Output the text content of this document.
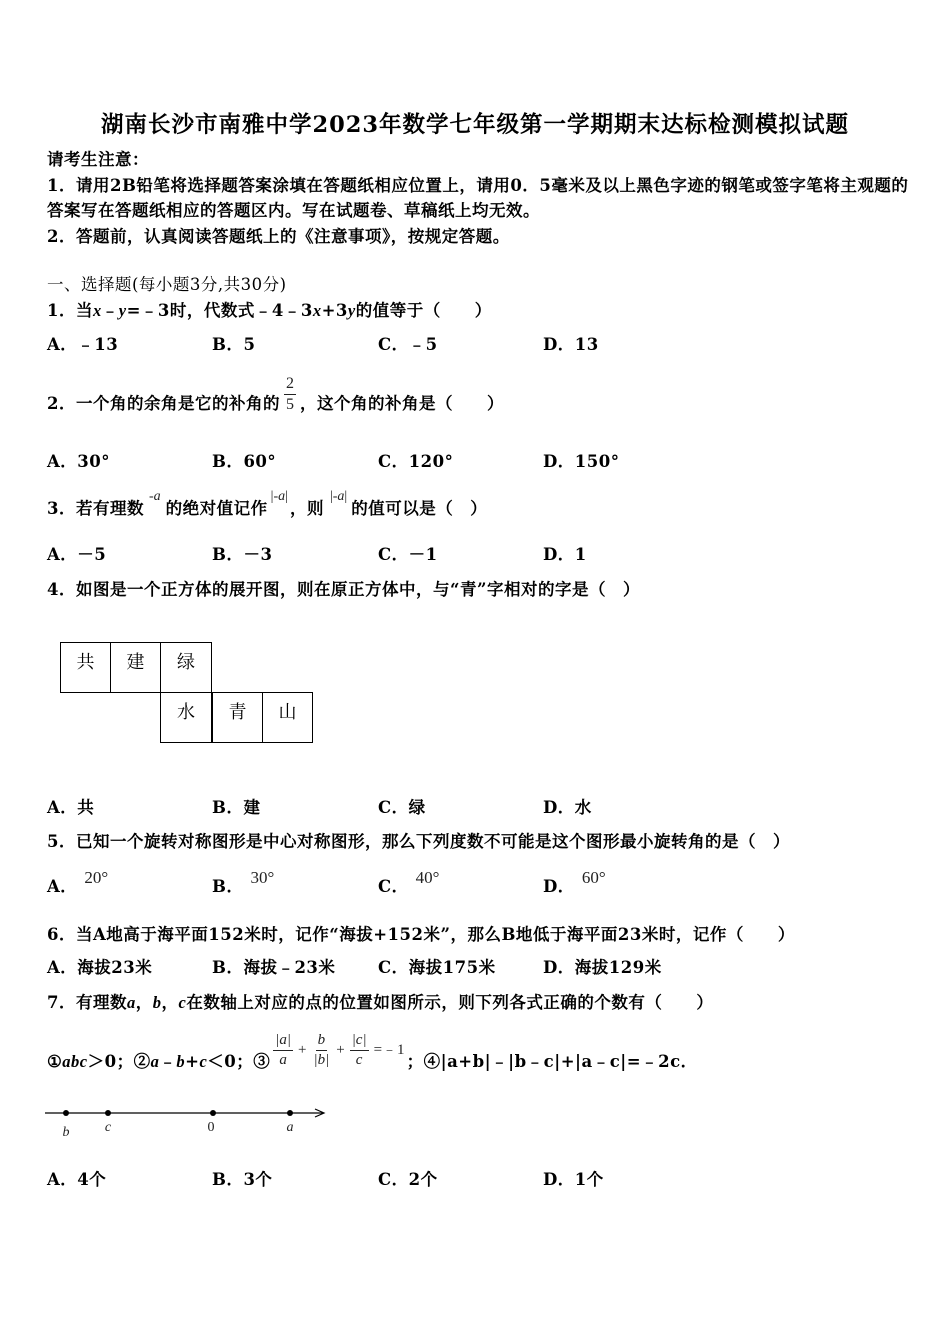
湖南长沙市南雅中学2023年数学七年级第一学期期末达标检测模拟试题
请考生注意：
1．请用2B铅笔将选择题答案涂填在答题纸相应位置上，请用0．5毫米及以上黑色字迹的钢笔或签字笔将主观题的
答案写在答题纸相应的答题区内。写在试题卷、草稿纸上均无效。
2．答题前，认真阅读答题纸上的《注意事项》，按规定答题。
一、选择题(每小题3分,共30分)
1．当 x ﹣ y =﹣3时，代数式﹣4﹣3 x +3 y 的值等于（　　）
A．﹣13	B．5	C．﹣5	D．13
2．一个角的余角是它的补角的 $\frac{2}{5}$ ，这个角的补角是（　　）
A．30°	B．60°	C．120°	D．150°
3．若有理数
-a
的绝对值记作
|-a|
，则
|-a|
的值可以是（　）
A．－5	B．－3	C．－1	D．1
4．如图是一个正方体的展开图，则在原正方体中，与“青”字相对的字是（　）
共	建	绿
水	青	山
A．共	B．建	C．绿	D．水
5．已知一个旋转对称图形是中心对称图形，那么下列度数不可能是这个图形最小旋转角的是（　）
A． 20°	B． 30°	C． 40°	D． 60°
6．当A地高于海平面152米时，记作“海拔+152米”，那么B地低于海平面23米时，记作（　　）
A．海拔23米	B．海拔﹣23米	C．海拔175米	D．海拔129米
7．有理数 a ， b ， c 在数轴上对应的点的位置如图所示，则下列各式正确的个数有（　　）
①abc＞0；②a﹣b+c＜0；③ $\frac{|a|}{a} + \frac{b}{|b|} + \frac{|c|}{c}$ =﹣1
；④|a+b|﹣|b﹣c|+|a﹣c|=﹣2c．
b	c	0	a
A．4个	B．3个	C．2个	D．1个
